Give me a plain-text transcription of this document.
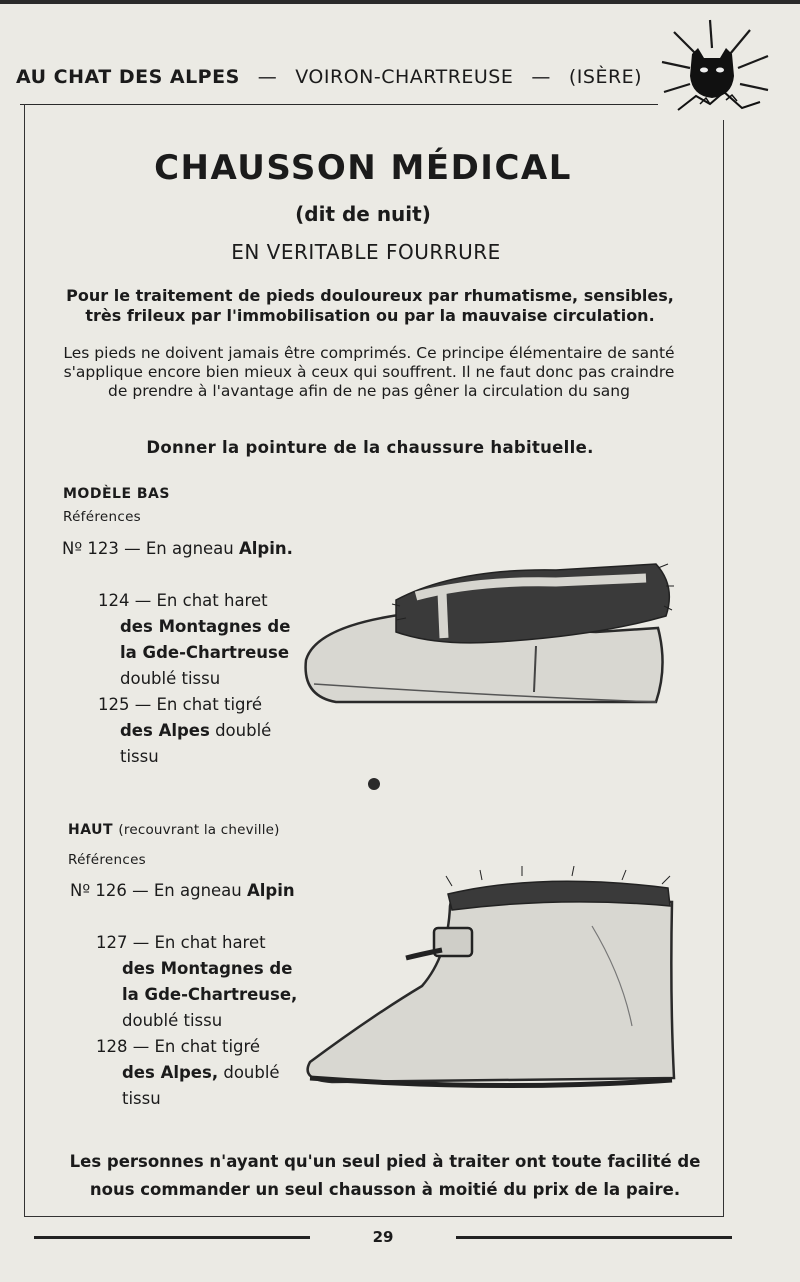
AU CHAT DES ALPES — VOIRON-CHARTREUSE — (ISÈRE)
CHAUSSON MÉDICAL
(dit de nuit)
EN VERITABLE FOURRURE
Pour le traitement de pieds douloureux par rhumatisme, sensibles, très frileux par l'immobilisation ou par la mauvaise circulation.
Les pieds ne doivent jamais être comprimés. Ce principe élémentaire de santé s'applique encore bien mieux à ceux qui souffrent. Il ne faut donc pas craindre de prendre à l'avantage afin de ne pas gêner la circulation du sang
Donner la pointure de la chaussure habituelle.
MODÈLE BAS
Références
Nº 123 — En agneau Alpin.
124 — En chat haret
des Montagnes de la Gde-Chartreuse
doublé tissu
125 — En chat tigré
des Alpes doublé tissu
HAUT (recouvrant la cheville)
Références
Nº 126 — En agneau Alpin
127 — En chat haret
des Montagnes de la Gde-Chartreuse,
doublé tissu
128 — En chat tigré
des Alpes, doublé tissu
Les personnes n'ayant qu'un seul pied à traiter ont toute facilité de nous commander un seul chausson à moitié du prix de la paire.
29
